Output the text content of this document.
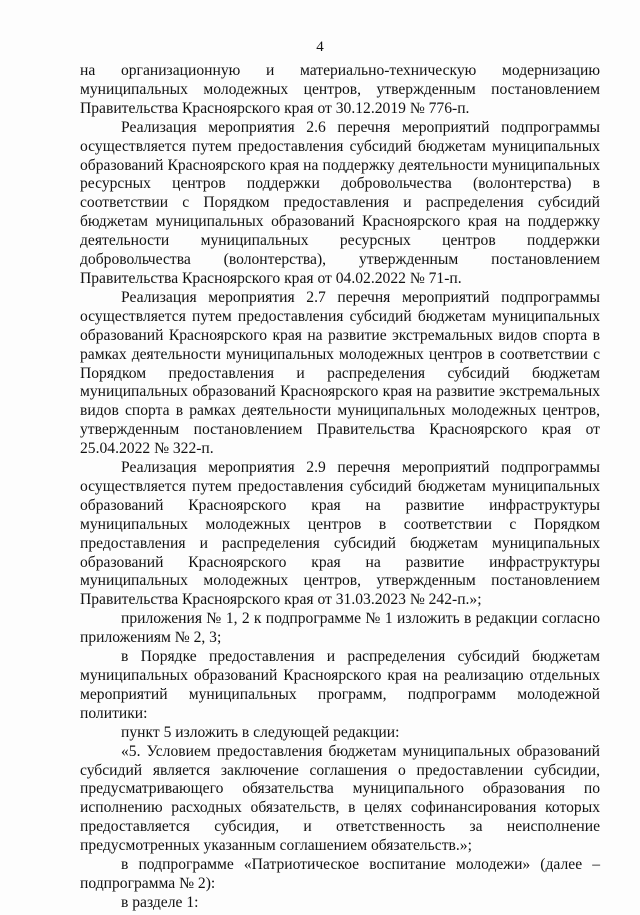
4

на организационную и материально-техническую модернизацию муниципальных молодежных центров, утвержденным постановлением Правительства Красноярского края от 30.12.2019 № 776-п.

Реализация мероприятия 2.6 перечня мероприятий подпрограммы осуществляется путем предоставления субсидий бюджетам муниципальных образований Красноярского края на поддержку деятельности муниципальных ресурсных центров поддержки добровольчества (волонтерства) в соответствии с Порядком предоставления и распределения субсидий бюджетам муниципальных образований Красноярского края на поддержку деятельности муниципальных ресурсных центров поддержки добровольчества (волонтерства), утвержденным постановлением Правительства Красноярского края от 04.02.2022 № 71-п.

Реализация мероприятия 2.7 перечня мероприятий подпрограммы осуществляется путем предоставления субсидий бюджетам муниципальных образований Красноярского края на развитие экстремальных видов спорта в рамках деятельности муниципальных молодежных центров в соответствии с Порядком предоставления и распределения субсидий бюджетам муниципальных образований Красноярского края на развитие экстремальных видов спорта в рамках деятельности муниципальных молодежных центров, утвержденным постановлением Правительства Красноярского края от 25.04.2022 № 322-п.

Реализация мероприятия 2.9 перечня мероприятий подпрограммы осуществляется путем предоставления субсидий бюджетам муниципальных образований Красноярского края на развитие инфраструктуры муниципальных молодежных центров в соответствии с Порядком предоставления и распределения субсидий бюджетам муниципальных образований Красноярского края на развитие инфраструктуры муниципальных молодежных центров, утвержденным постановлением Правительства Красноярского края от 31.03.2023 № 242-п.»;

приложения № 1, 2 к подпрограмме № 1 изложить в редакции согласно приложениям № 2, 3;

в Порядке предоставления и распределения субсидий бюджетам муниципальных образований Красноярского края на реализацию отдельных мероприятий муниципальных программ, подпрограмм молодежной политики:

пункт 5 изложить в следующей редакции:

«5. Условием предоставления бюджетам муниципальных образований субсидий является заключение соглашения о предоставлении субсидии, предусматривающего обязательства муниципального образования по исполнению расходных обязательств, в целях софинансирования которых предоставляется субсидия, и ответственность за неисполнение предусмотренных указанным соглашением обязательств.»;

в подпрограмме «Патриотическое воспитание молодежи» (далее – подпрограмма № 2):

в разделе 1:
